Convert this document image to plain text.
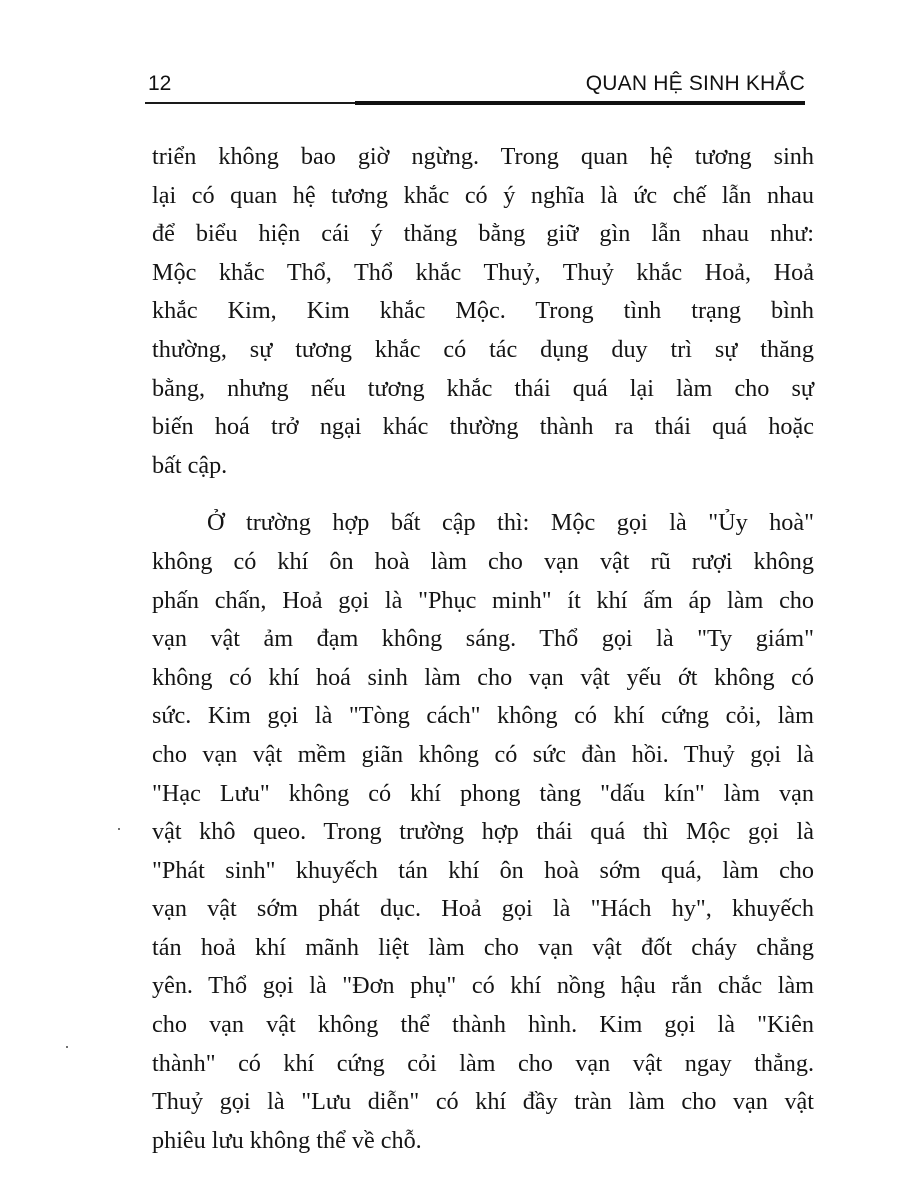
12	QUAN HỆ SINH KHẮC
triển không bao giờ ngừng. Trong quan hệ tương sinh
lại có quan hệ tương khắc có ý nghĩa là ức chế lẫn nhau
để biểu hiện cái ý thăng bằng giữ gìn lẫn nhau như:
Mộc khắc Thổ, Thổ khắc Thuỷ, Thuỷ khắc Hoả, Hoả
khắc Kim, Kim khắc Mộc. Trong tình trạng bình
thường, sự tương khắc có tác dụng duy trì sự thăng
bằng, nhưng nếu tương khắc thái quá lại làm cho sự
biến hoá trở ngại khác thường thành ra thái quá hoặc
bất cập.
Ở trường hợp bất cập thì: Mộc gọi là "Ủy hoà"
không có khí ôn hoà làm cho vạn vật rũ rượi không
phấn chấn, Hoả gọi là "Phục minh" ít khí ấm áp làm cho
vạn vật ảm đạm không sáng. Thổ gọi là "Ty giám"
không có khí hoá sinh làm cho vạn vật yếu ớt không có
sức. Kim gọi là "Tòng cách" không có khí cứng cỏi, làm
cho vạn vật mềm giãn không có sức đàn hồi. Thuỷ gọi là
"Hạc Lưu" không có khí phong tàng "dấu kín" làm vạn
vật khô queo. Trong trường hợp thái quá thì Mộc gọi là
"Phát sinh" khuyếch tán khí ôn hoà sớm quá, làm cho
vạn vật sớm phát dục. Hoả gọi là "Hách hy", khuyếch
tán hoả khí mãnh liệt làm cho vạn vật đốt cháy chẳng
yên. Thổ gọi là "Đơn phụ" có khí nồng hậu rắn chắc làm
cho vạn vật không thể thành hình. Kim gọi là "Kiên
thành" có khí cứng cỏi làm cho vạn vật ngay thẳng.
Thuỷ gọi là "Lưu diễn" có khí đầy tràn làm cho vạn vật
phiêu lưu không thể về chỗ.
